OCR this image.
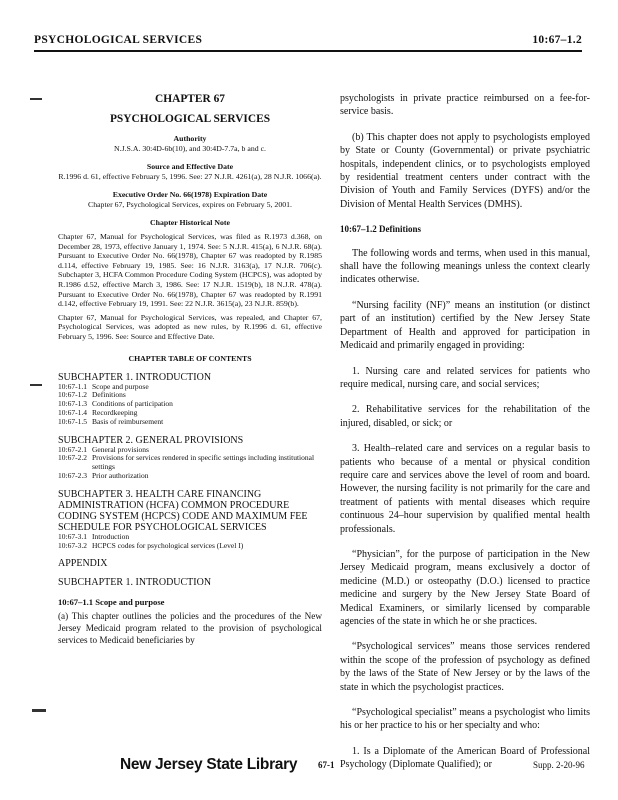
PSYCHOLOGICAL SERVICES	10:67–1.2
CHAPTER 67
PSYCHOLOGICAL SERVICES
Authority
N.J.S.A. 30:4D-6b(10), and 30:4D-7.7a, b and c.
Source and Effective Date
R.1996 d. 61, effective February 5, 1996. See: 27 N.J.R. 4261(a), 28 N.J.R. 1066(a).
Executive Order No. 66(1978) Expiration Date
Chapter 67, Psychological Services, expires on February 5, 2001.
Chapter Historical Note
Chapter 67, Manual for Psychological Services, was filed as R.1973 d.368, on December 28, 1973, effective January 1, 1974. See: 5 N.J.R. 415(a), 6 N.J.R. 68(a). Pursuant to Executive Order No. 66(1978), Chapter 67 was readopted by R.1985 d.114, effective February 19, 1985. See: 16 N.J.R. 3163(a), 17 N.J.R. 706(c). Subchapter 3, HCFA Common Procedure Coding System (HCPCS), was adopted by R.1986 d.52, effective March 3, 1986. See: 17 N.J.R. 1519(b), 18 N.J.R. 478(a). Pursuant to Executive Order No. 66(1978), Chapter 67 was readopted by R.1991 d.142, effective February 19, 1991. See: 22 N.J.R. 3615(a), 23 N.J.R. 859(b).
Chapter 67, Manual for Psychological Services, was repealed, and Chapter 67, Psychological Services, was adopted as new rules, by R.1996 d. 61, effective February 5, 1996. See: Source and Effective Date.
CHAPTER TABLE OF CONTENTS
SUBCHAPTER 1. INTRODUCTION
10:67-1.1 Scope and purpose
10:67-1.2 Definitions
10:67-1.3 Conditions of participation
10:67-1.4 Recordkeeping
10:67-1.5 Basis of reimbursement
SUBCHAPTER 2. GENERAL PROVISIONS
10:67-2.1 General provisions
10:67-2.2 Provisions for services rendered in specific settings including institutional settings
10:67-2.3 Prior authorization
SUBCHAPTER 3. HEALTH CARE FINANCING ADMINISTRATION (HCFA) COMMON PROCEDURE CODING SYSTEM (HCPCS) CODE AND MAXIMUM FEE SCHEDULE FOR PSYCHOLOGICAL SERVICES
10:67-3.1 Introduction
10:67-3.2 HCPCS codes for psychological services (Level I)
APPENDIX
SUBCHAPTER 1. INTRODUCTION
10:67–1.1 Scope and purpose
(a) This chapter outlines the policies and the procedures of the New Jersey Medicaid program related to the provision of psychological services to Medicaid beneficiaries by

psychologists in private practice reimbursed on a fee-for-service basis.

(b) This chapter does not apply to psychologists employed by State or County (Governmental) or private psychiatric hospitals, independent clinics, or to psychologists employed by residential treatment centers under contract with the Division of Youth and Family Services (DYFS) and/or the Division of Mental Health Services (DMHS).

10:67–1.2 Definitions

The following words and terms, when used in this manual, shall have the following meanings unless the context clearly indicates otherwise.

“Nursing facility (NF)” means an institution (or distinct part of an institution) certified by the New Jersey State Department of Health and approved for participation in Medicaid and primarily engaged in providing:

1. Nursing care and related services for patients who require medical, nursing care, and social services;

2. Rehabilitative services for the rehabilitation of the injured, disabled, or sick; or

3. Health–related care and services on a regular basis to patients who because of a mental or physical condition require care and services above the level of room and board. However, the nursing facility is not primarily for the care and treatment of patients with mental diseases which require continuous 24–hour supervision by qualified mental health professionals.

“Physician”, for the purpose of participation in the New Jersey Medicaid program, means exclusively a doctor of medicine (M.D.) or osteopathy (D.O.) licensed to practice medicine and surgery by the New Jersey State Board of Medical Examiners, or similarly licensed by comparable agencies of the state in which he or she practices.

“Psychological services” means those services rendered within the scope of the profession of psychology as defined by the laws of the State of New Jersey or by the laws of the state in which the psychologist practices.

“Psychological specialist” means a psychologist who limits his or her practice to his or her specialty and who:

1. Is a Diplomate of the American Board of Professional Psychology (Diplomate Qualified); or

New Jersey State Library 67-1	Supp. 2-20-96
